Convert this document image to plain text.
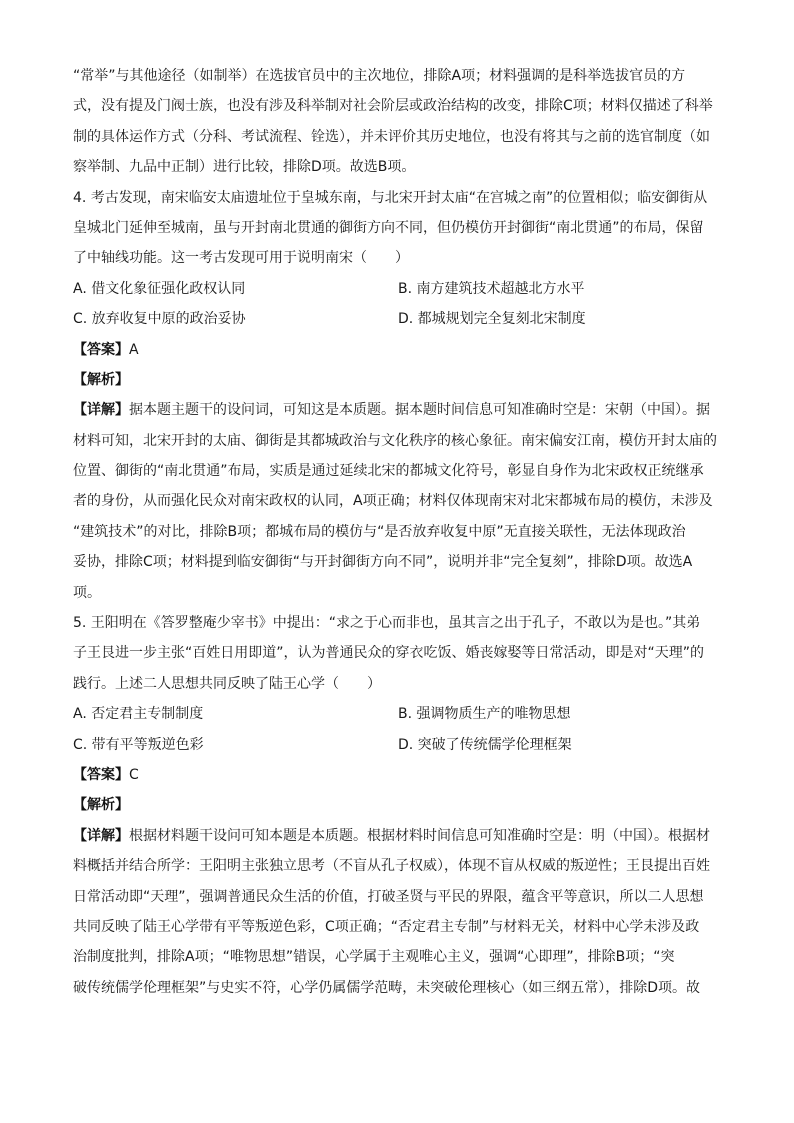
“常举”与其他途径（如制举）在选拔官员中的主次地位，排除A项；材料强调的是科举选拔官员的方
式，没有提及门阀士族，也没有涉及科举制对社会阶层或政治结构的改变，排除C项；材料仅描述了科举
制的具体运作方式（分科、考试流程、铨选），并未评价其历史地位，也没有将其与之前的选官制度（如
察举制、九品中正制）进行比较，排除D项。故选B项。
4. 考古发现，南宋临安太庙遗址位于皇城东南，与北宋开封太庙“在宫城之南”的位置相似；临安御街从
皇城北门延伸至城南，虽与开封南北贯通的御街方向不同，但仍模仿开封御街“南北贯通”的布局，保留
了中轴线功能。这一考古发现可用于说明南宋（　　）
A. 借文化象征强化政权认同	B. 南方建筑技术超越北方水平
C. 放弃收复中原的政治妥协	D. 都城规划完全复刻北宋制度
【答案】A
【解析】
【详解】据本题主题干的设问词，可知这是本质题。据本题时间信息可知准确时空是：宋朝（中国）。据
材料可知，北宋开封的太庙、御街是其都城政治与文化秩序的核心象征。南宋偏安江南，模仿开封太庙的
位置、御街的“南北贯通”布局，实质是通过延续北宋的都城文化符号，彰显自身作为北宋政权正统继承
者的身份，从而强化民众对南宋政权的认同，A项正确；材料仅体现南宋对北宋都城布局的模仿，未涉及
“建筑技术”的对比，排除B项；都城布局的模仿与“是否放弃收复中原”无直接关联性，无法体现政治
妥协，排除C项；材料提到临安御街“与开封御街方向不同”，说明并非“完全复刻”，排除D项。故选A
项。
5. 王阳明在《答罗整庵少宰书》中提出：“求之于心而非也，虽其言之出于孔子，不敢以为是也。”其弟
子王艮进一步主张“百姓日用即道”，认为普通民众的穿衣吃饭、婚丧嫁娶等日常活动，即是对“天理”的
践行。上述二人思想共同反映了陆王心学（　　）
A. 否定君主专制制度	B. 强调物质生产的唯物思想
C. 带有平等叛逆色彩	D. 突破了传统儒学伦理框架
【答案】C
【解析】
【详解】根据材料题干设问可知本题是本质题。根据材料时间信息可知准确时空是：明（中国）。根据材
料概括并结合所学：王阳明主张独立思考（不盲从孔子权威），体现不盲从权威的叛逆性；王艮提出百姓
日常活动即“天理”，强调普通民众生活的价值，打破圣贤与平民的界限，蕴含平等意识，所以二人思想
共同反映了陆王心学带有平等叛逆色彩，C项正确；“否定君主专制”与材料无关，材料中心学未涉及政
治制度批判，排除A项；“唯物思想”错误，心学属于主观唯心主义，强调“心即理”，排除B项；“突
破传统儒学伦理框架”与史实不符，心学仍属儒学范畴，未突破伦理核心（如三纲五常），排除D项。故
